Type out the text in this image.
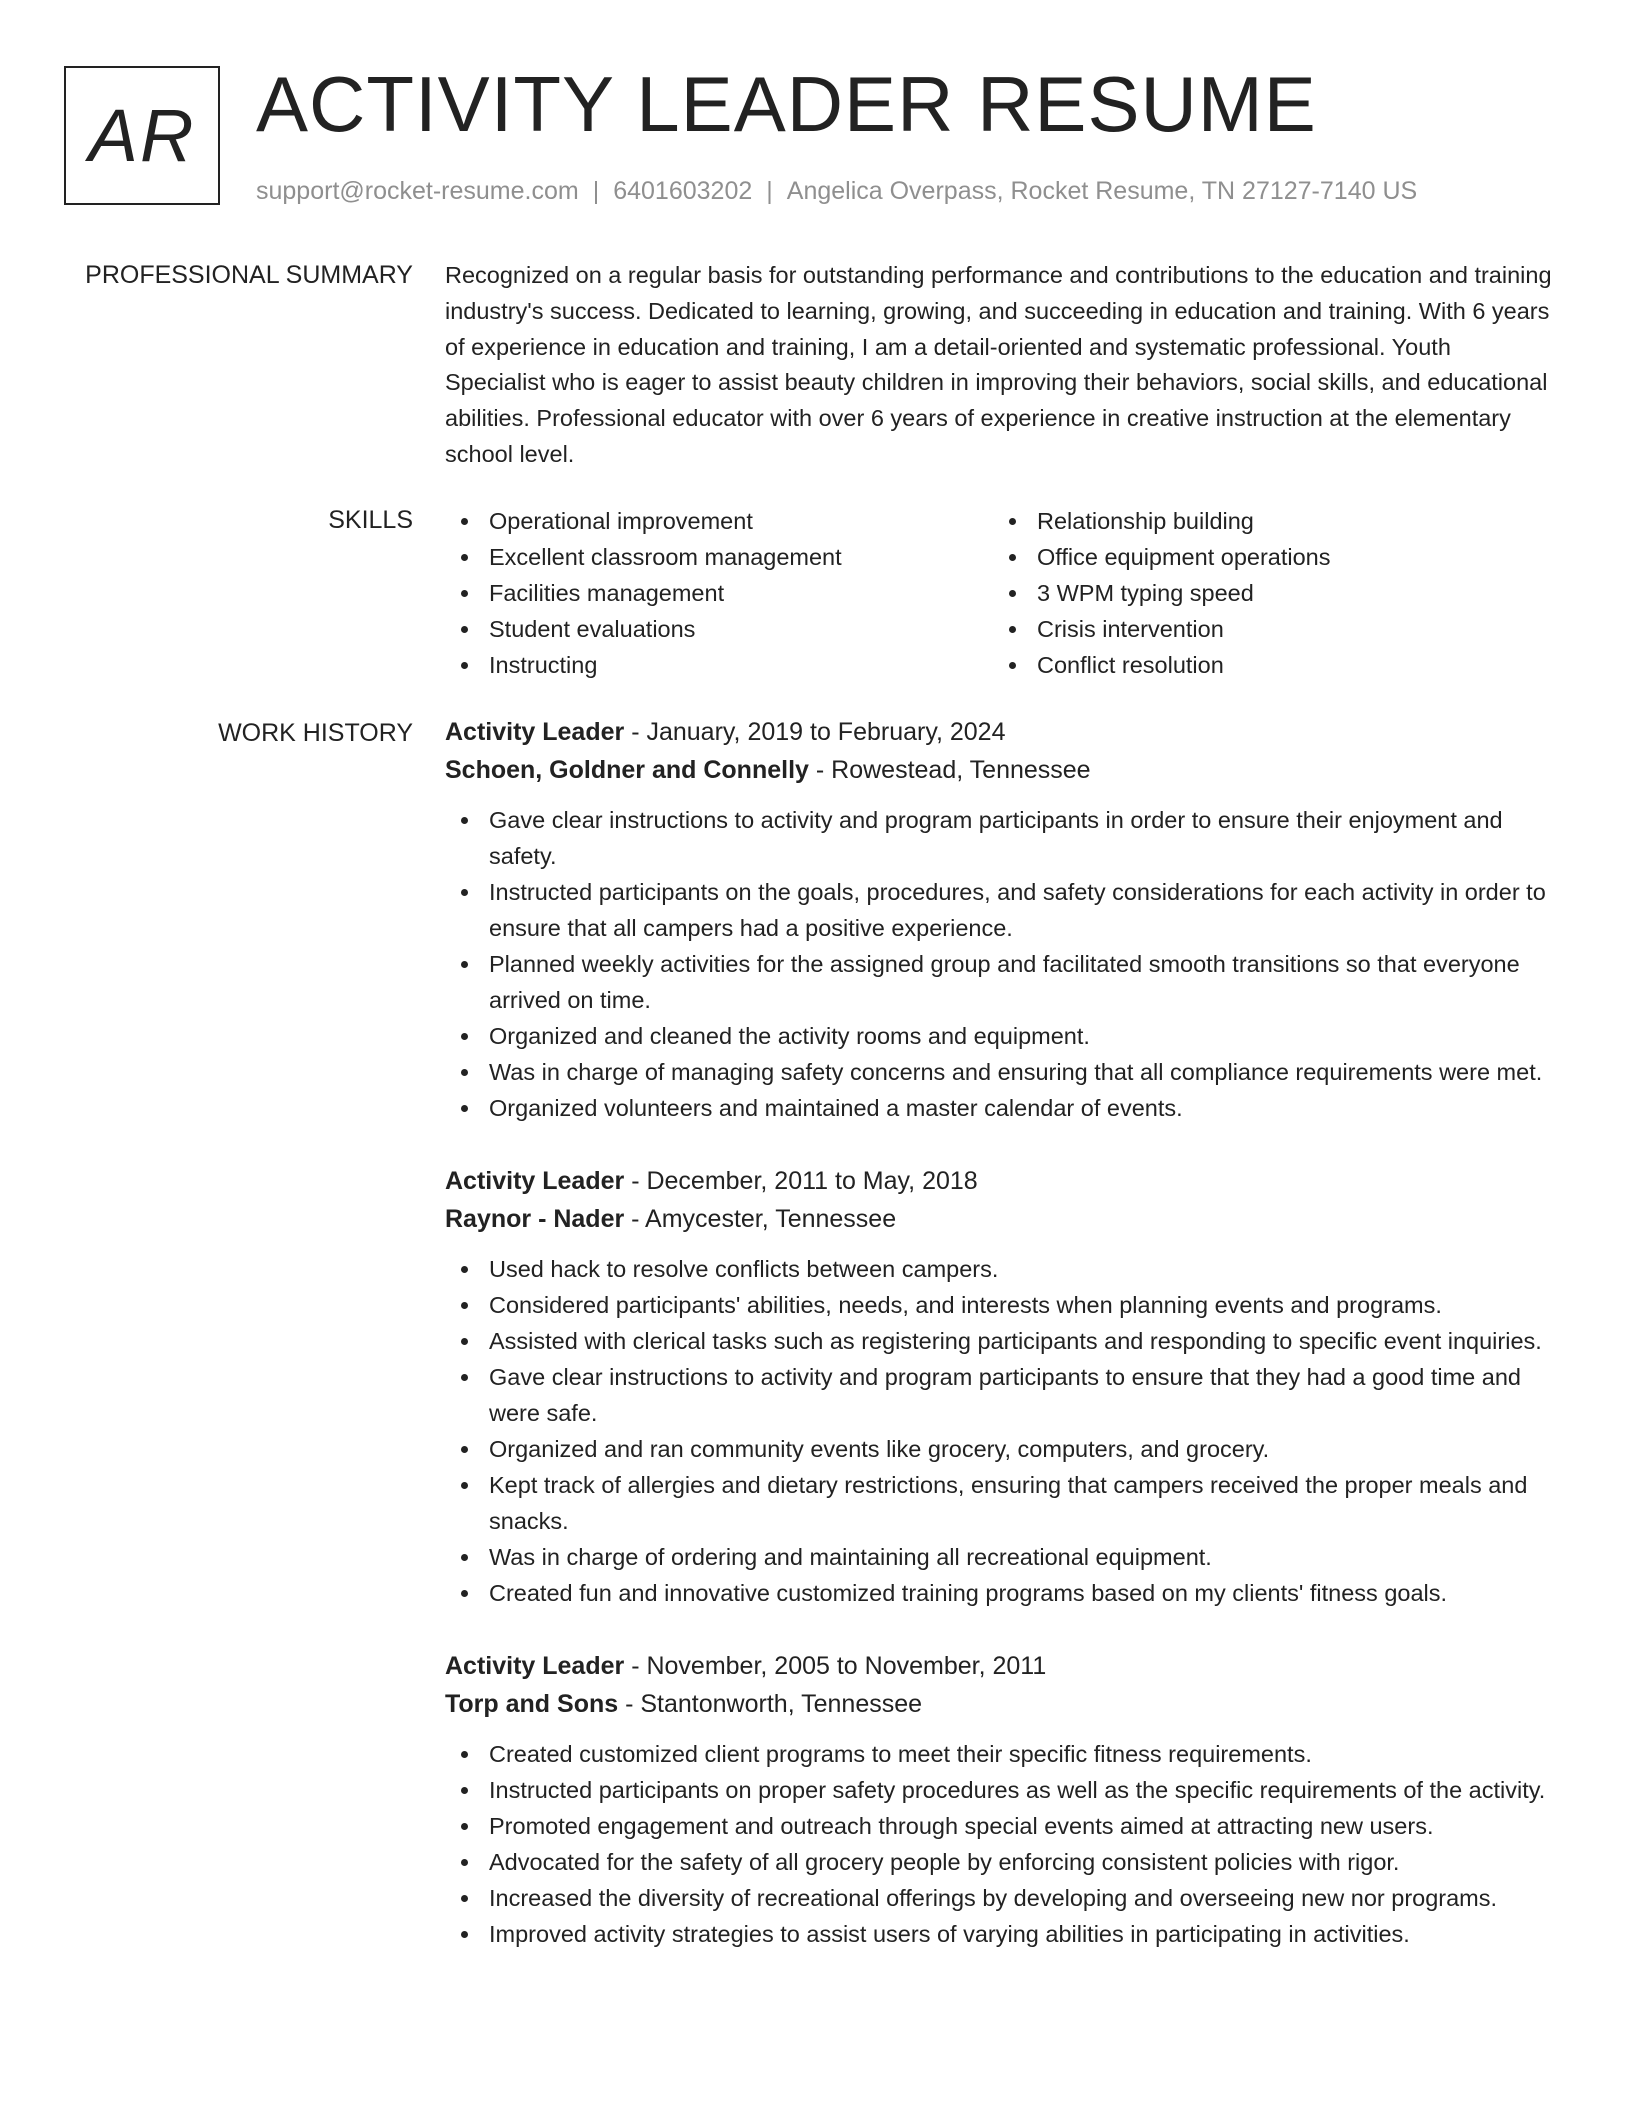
AR ACTIVITY LEADER RESUME
support@rocket-resume.com | 6401603202 | Angelica Overpass, Rocket Resume, TN 27127-7140 US
PROFESSIONAL SUMMARY Recognized on a regular basis for outstanding performance and contributions to the education and training industry's success. Dedicated to learning, growing, and succeeding in education and training. With 6 years of experience in education and training, I am a detail-oriented and systematic professional. Youth Specialist who is eager to assist beauty children in improving their behaviors, social skills, and educational abilities. Professional educator with over 6 years of experience in creative instruction at the elementary school level.

SKILLS	Operational improvement
Excellent classroom management
Facilities management
Student evaluations
Instructing
Relationship building
Office equipment operations
3 WPM typing speed
Crisis intervention
Conflict resolution
WORK HISTORY Activity Leader - January, 2019 to February, 2024
Schoen, Goldner and Connelly - Rowestead, Tennessee
Gave clear instructions to activity and program participants in order to ensure their enjoyment and safety.
Instructed participants on the goals, procedures, and safety considerations for each activity in order to ensure that all campers had a positive experience.
Planned weekly activities for the assigned group and facilitated smooth transitions so that everyone arrived on time.
Organized and cleaned the activity rooms and equipment.
Was in charge of managing safety concerns and ensuring that all compliance requirements were met.
Organized volunteers and maintained a master calendar of events.
Activity Leader - December, 2011 to May, 2018
Raynor - Nader - Amycester, Tennessee
Used hack to resolve conflicts between campers.
Considered participants' abilities, needs, and interests when planning events and programs.
Assisted with clerical tasks such as registering participants and responding to specific event inquiries.
Gave clear instructions to activity and program participants to ensure that they had a good time and were safe.
Organized and ran community events like grocery, computers, and grocery.
Kept track of allergies and dietary restrictions, ensuring that campers received the proper meals and snacks.
Was in charge of ordering and maintaining all recreational equipment.
Created fun and innovative customized training programs based on my clients' fitness goals.
Activity Leader - November, 2005 to November, 2011
Torp and Sons - Stantonworth, Tennessee
Created customized client programs to meet their specific fitness requirements.
Instructed participants on proper safety procedures as well as the specific requirements of the activity.
Promoted engagement and outreach through special events aimed at attracting new users.
Advocated for the safety of all grocery people by enforcing consistent policies with rigor.
Increased the diversity of recreational offerings by developing and overseeing new nor programs.
Improved activity strategies to assist users of varying abilities in participating in activities.
